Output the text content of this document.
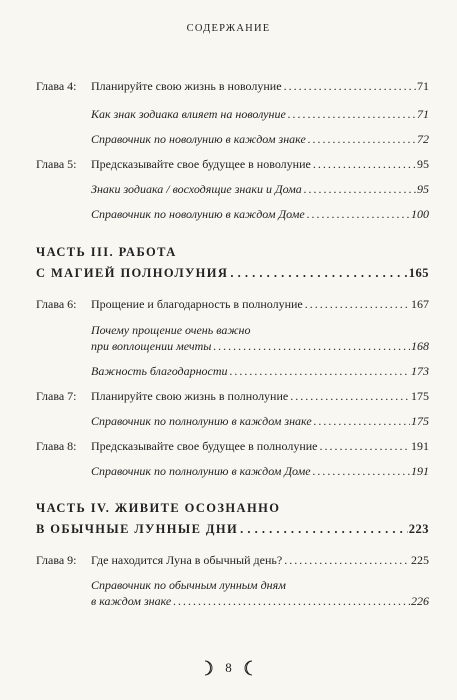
СОДЕРЖАНИЕ
Глава 4:	Планируйте свою жизнь в новолуние . . .	71
Как знак зодиака влияет на новолуние . . .	71
Справочник по новолунию в каждом знаке . . .	72
Глава 5:	Предсказывайте свое будущее в новолуние . . .	95
Знаки зодиака / восходящие знаки и Дома . . .	95
Справочник по новолунию в каждом Доме . . .	100
ЧАСТЬ III. РАБОТА
С МАГИЕЙ ПОЛНОЛУНИЯ . . .	165
Глава 6:	Прощение и благодарность в полнолуние . . .	167
Почему прощение очень важно
при воплощении мечты . . .	168
Важность благодарности . . .	173
Глава 7:	Планируйте свою жизнь в полнолуние . . .	175
Справочник по полнолунию в каждом знаке . . .	175
Глава 8:	Предсказывайте свое будущее в полнолуние . . .	191
Справочник по полнолунию в каждом Доме . . .	191
ЧАСТЬ IV. ЖИВИТЕ ОСОЗНАННО
В ОБЫЧНЫЕ ЛУННЫЕ ДНИ . . .	223
Глава 9:	Где находится Луна в обычный день? . . .	225
Справочник по обычным лунным дням
в каждом знаке . . .	226
8
